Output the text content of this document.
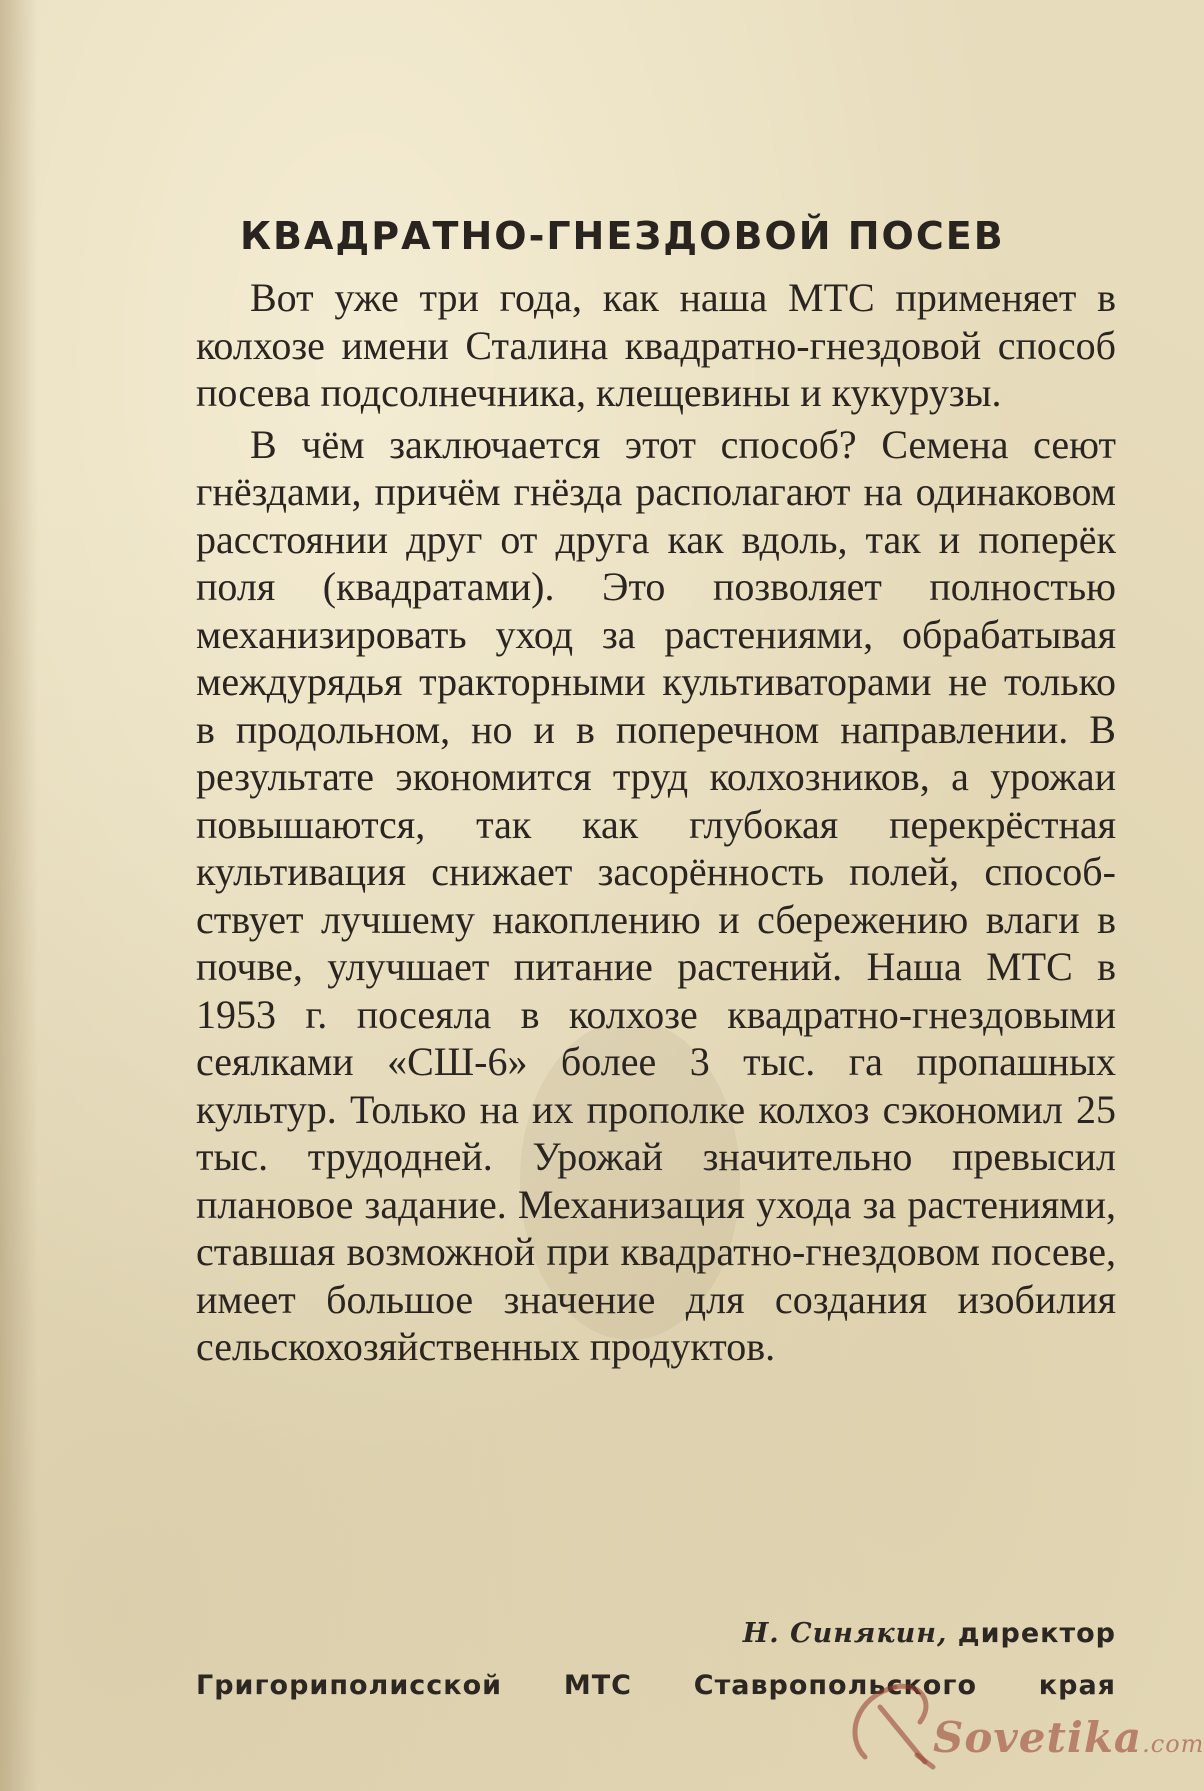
КВАДРАТНО-ГНЕЗДОВОЙ ПОСЕВ

Вот уже три года, как наша МТС применяет в колхозе имени Сталина квадратно-гнездовой способ посева подсолнечника, клещевины и кукурузы.

В чём заключается этот способ? Семена сеют гнёздами, причём гнёзда располагают на одинаковом расстоянии друг от друга как вдоль, так и поперёк поля (квадратами). Это позволяет полностью механизировать уход за растениями, обрабатывая междурядья тракторными культиваторами не только в продольном, но и в поперечном направлении. В результате экономится труд колхозников, а урожаи повышаются, так как глубокая перекрёстная культивация снижает засорённость полей, способствует лучшему накоплению и сбережению влаги в почве, улучшает питание растений. Наша МТС в 1953 г. посеяла в колхозе квадратно-гнездовыми сеялками «СШ-6» более 3 тыс. га пропашных культур. Только на их прополке колхоз сэкономил 25 тыс. трудодней. Урожай значительно превысил плановое задание. Механизация ухода за растениями, ставшая возможной при квадратно-гнездовом посеве, имеет большое значение для создания изобилия сельскохозяйственных продуктов.

Н. Синякин, директор
Григориполисской МТС Ставропольского края
Sovetika.com
